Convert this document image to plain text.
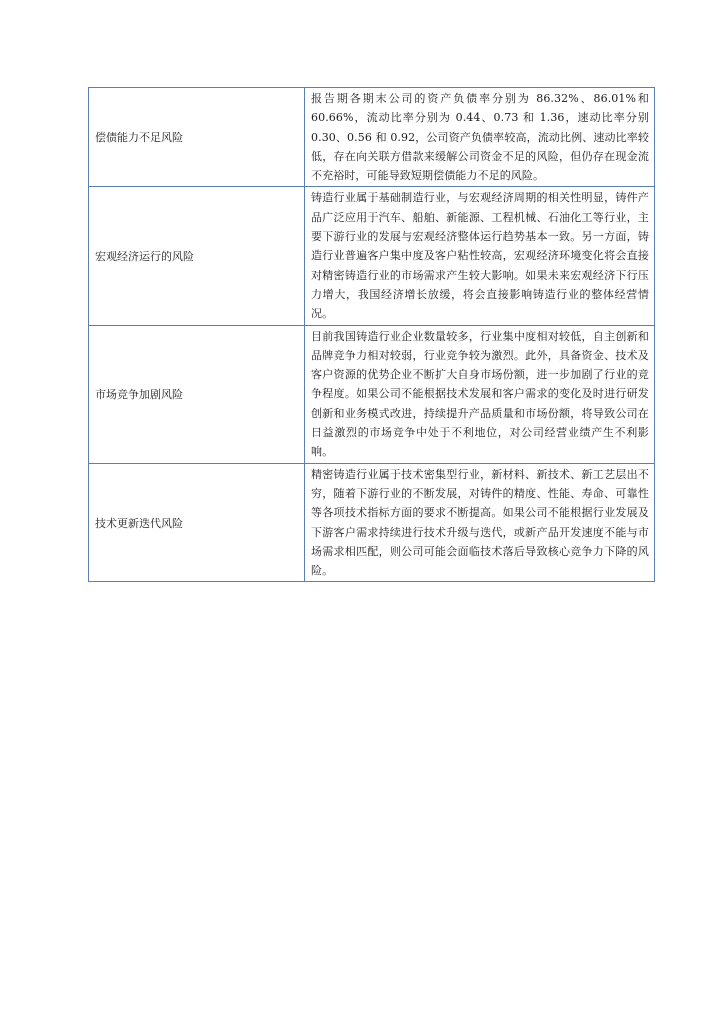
偿债能力不足风险	报告期各期末公司的资产负债率分别为 86.32%、86.01%和 60.66%，流动比率分别为 0.44、0.73 和 1.36，速动比率分别 0.30、0.56 和 0.92，公司资产负债率较高，流动比例、速动比率较低，存在向关联方借款来缓解公司资金不足的风险，但仍存在现金流不充裕时，可能导致短期偿债能力不足的风险。
宏观经济运行的风险	铸造行业属于基础制造行业，与宏观经济周期的相关性明显，铸件产品广泛应用于汽车、船舶、新能源、工程机械、石油化工等行业，主要下游行业的发展与宏观经济整体运行趋势基本一致。另一方面，铸造行业普遍客户集中度及客户粘性较高，宏观经济环境变化将会直接对精密铸造行业的市场需求产生较大影响。如果未来宏观经济下行压力增大，我国经济增长放缓，将会直接影响铸造行业的整体经营情况。
市场竞争加剧风险	目前我国铸造行业企业数量较多，行业集中度相对较低，自主创新和品牌竞争力相对较弱，行业竞争较为激烈。此外，具备资金、技术及客户资源的优势企业不断扩大自身市场份额，进一步加剧了行业的竞争程度。如果公司不能根据技术发展和客户需求的变化及时进行研发创新和业务模式改进，持续提升产品质量和市场份额，将导致公司在日益激烈的市场竞争中处于不利地位，对公司经营业绩产生不利影响。
技术更新迭代风险	精密铸造行业属于技术密集型行业，新材料、新技术、新工艺层出不穷，随着下游行业的不断发展，对铸件的精度、性能、寿命、可靠性等各项技术指标方面的要求不断提高。如果公司不能根据行业发展及下游客户需求持续进行技术升级与迭代，或新产品开发速度不能与市场需求相匹配，则公司可能会面临技术落后导致核心竞争力下降的风险。
